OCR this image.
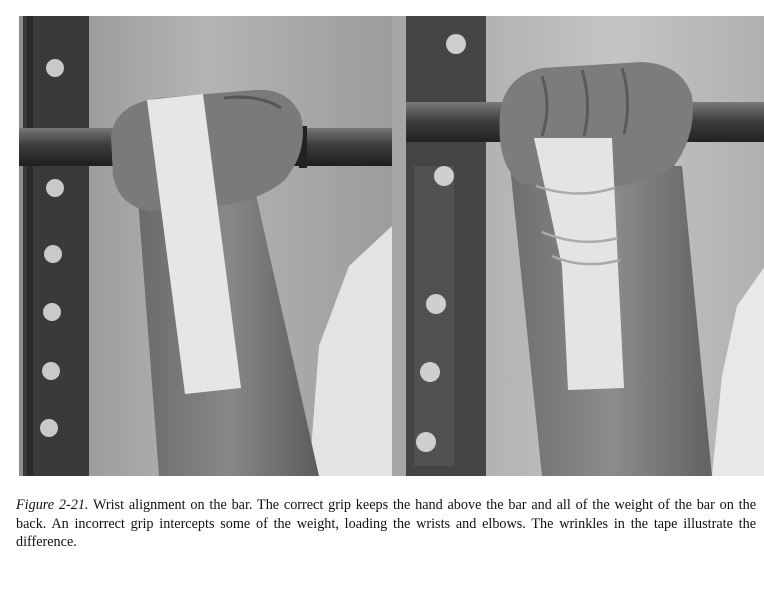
Figure 2-21. Wrist alignment on the bar. The correct grip keeps the hand above the bar and all of the weight of the bar on the back. An incorrect grip intercepts some of the weight, loading the wrists and elbows. The wrinkles in the tape illustrate the difference.
